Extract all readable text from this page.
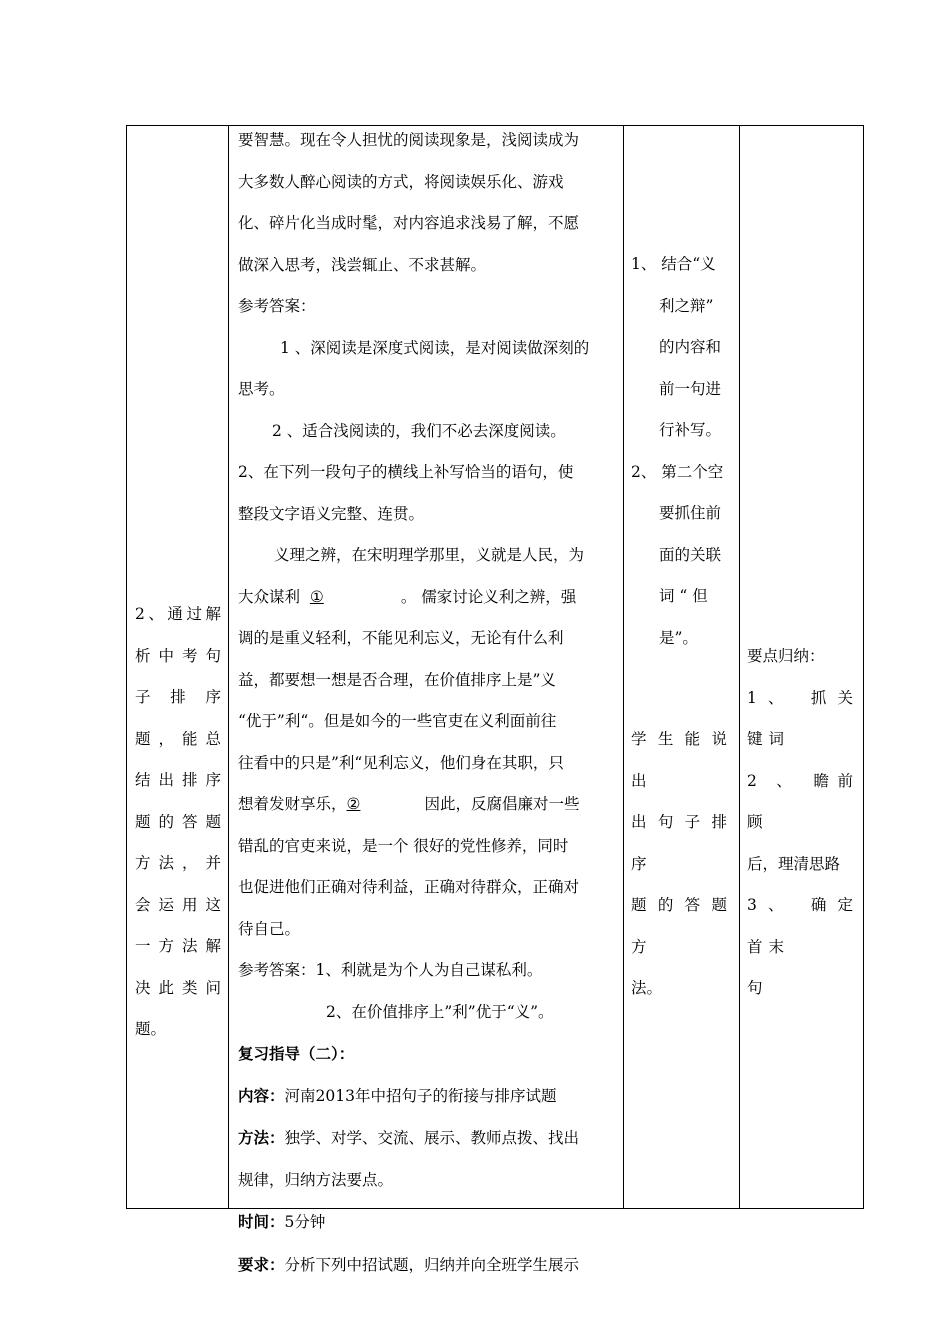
2、通过解

析中考句

子 排 序

题，能总

结出排序

题的答题

方法，并

会运用这

一方法解

决此类问

题。

要智慧。现在令人担忧的阅读现象是，浅阅读成为

大多数人醉心阅读的方式，将阅读娱乐化、游戏

化、碎片化当成时髦，对内容追求浅易了解，不愿

做深入思考，浅尝辄止、不求甚解。

参考答案：

1 、深阅读是深度式阅读，是对阅读做深刻的

思考。

2 、适合浅阅读的，我们不必去深度阅读。

2、在下列一段句子的横线上补写恰当的语句，使

整段文字语义完整、连贯。

义理之辨，在宋明理学那里，义就是人民，为

大众谋利 ①	。 儒家讨论义利之辨，强

调的是重义轻利，不能见利忘义，无论有什么利

益，都要想一想是否合理，在价值排序上是”义

“优于”利“。但是如今的一些官吏在义利面前往

往看中的只是”利“见利忘义，他们身在其职，只

想着发财享乐，②	因此，反腐倡廉对一些

错乱的官吏来说，是一个 很好的党性修养，同时

也促进他们正确对待利益，正确对待群众，正确对

待自己。

参考答案：1、利就是为个人为自己谋私利。

2、在价值排序上”利”优于“义”。

复习指导（二）：

内容：河南2013年中招句子的衔接与排序试题

方法：独学、对学、交流、展示、教师点拨、找出

规律，归纳方法要点。

时间：5分钟

要求：分析下列中招试题，归纳并向全班学生展示

1、 结合“义

利之辩”

的内容和

前一句进

行补写。

2、 第二个空

要抓住前

面的关联

词 “ 但

是”。

学生能说出

出句子排序

题的答题方

法。

要点归纳：

1、 抓关键词

2 、 瞻前顾

后，理清思路

3、 确定首末

句
